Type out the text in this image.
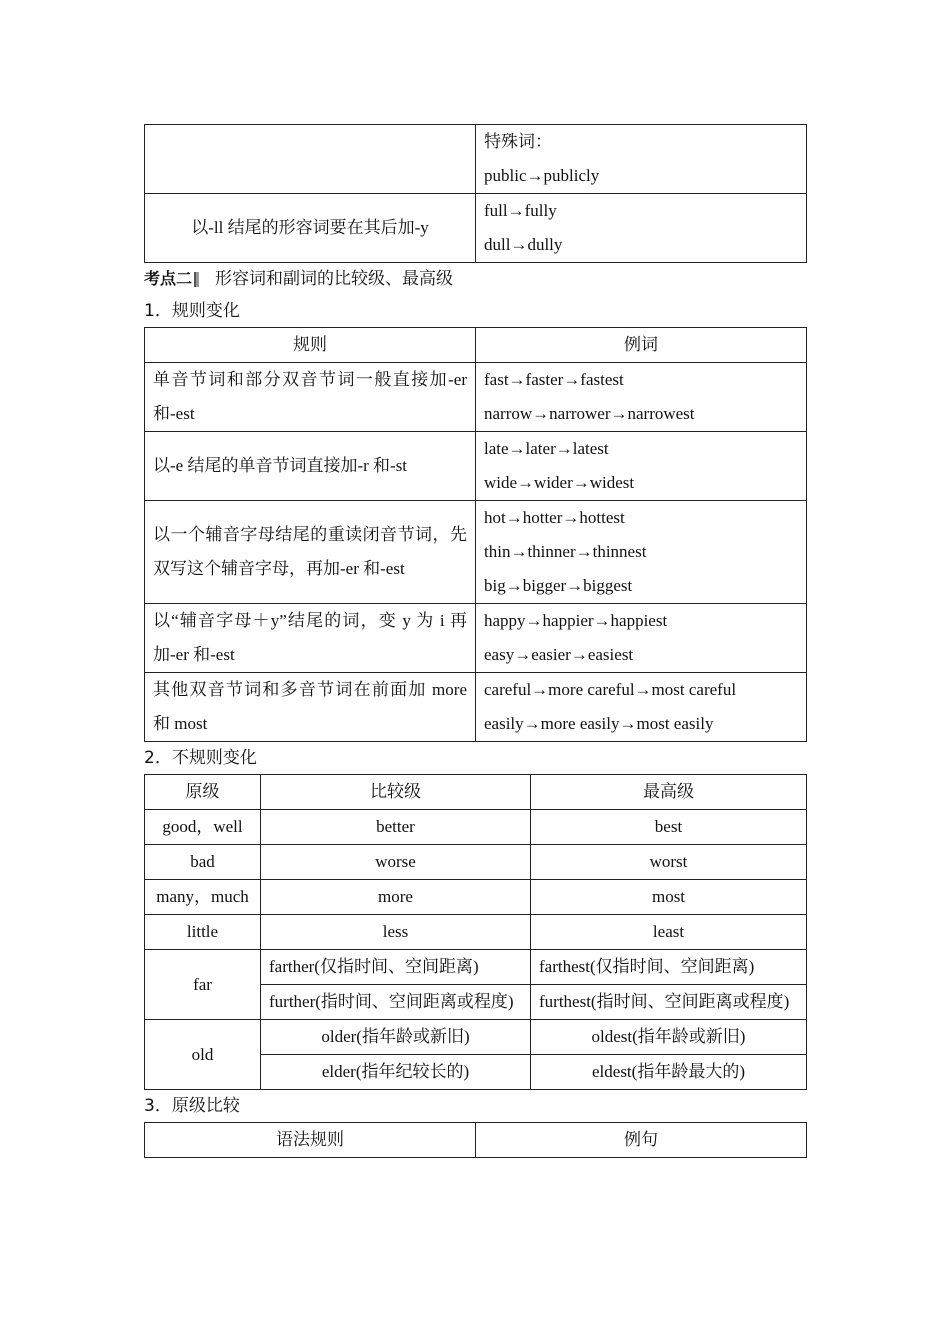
	特殊词：
public→publicly

以-ll 结尾的形容词要在其后加-y	full→fully
dull→dully
考点二 形容词和副词的比较级、最高级
1．规则变化
规则	例词
单音节词和部分双音节词一般直接加-er 和-est	fast→faster→fastest
narrow→narrower→narrowest

以-e 结尾的单音节词直接加-r 和-st	late→later→latest
wide→wider→widest

以一个辅音字母结尾的重读闭音节词，先双写这个辅音字母，再加-er 和-est	hot→hotter→hottest
thin→thinner→thinnest
big→bigger→biggest

以“辅音字母＋y”结尾的词，变 y 为 i 再加-er 和-est	happy→happier→happiest
easy→easier→easiest

其他双音节词和多音节词在前面加 more 和 most	careful→more careful→most careful
easily→more easily→most easily
2．不规则变化
原级	比较级	最高级
good，well	better	best
bad	worse	worst
many，much	more	most
little	less	least
far	farther(仅指时间、空间距离)	farthest(仅指时间、空间距离)
	further(指时间、空间距离或程度)	furthest(指时间、空间距离或程度)
old	older(指年龄或新旧)	oldest(指年龄或新旧)
	elder(指年纪较长的)	eldest(指年龄最大的)
3．原级比较
语法规则	例句
